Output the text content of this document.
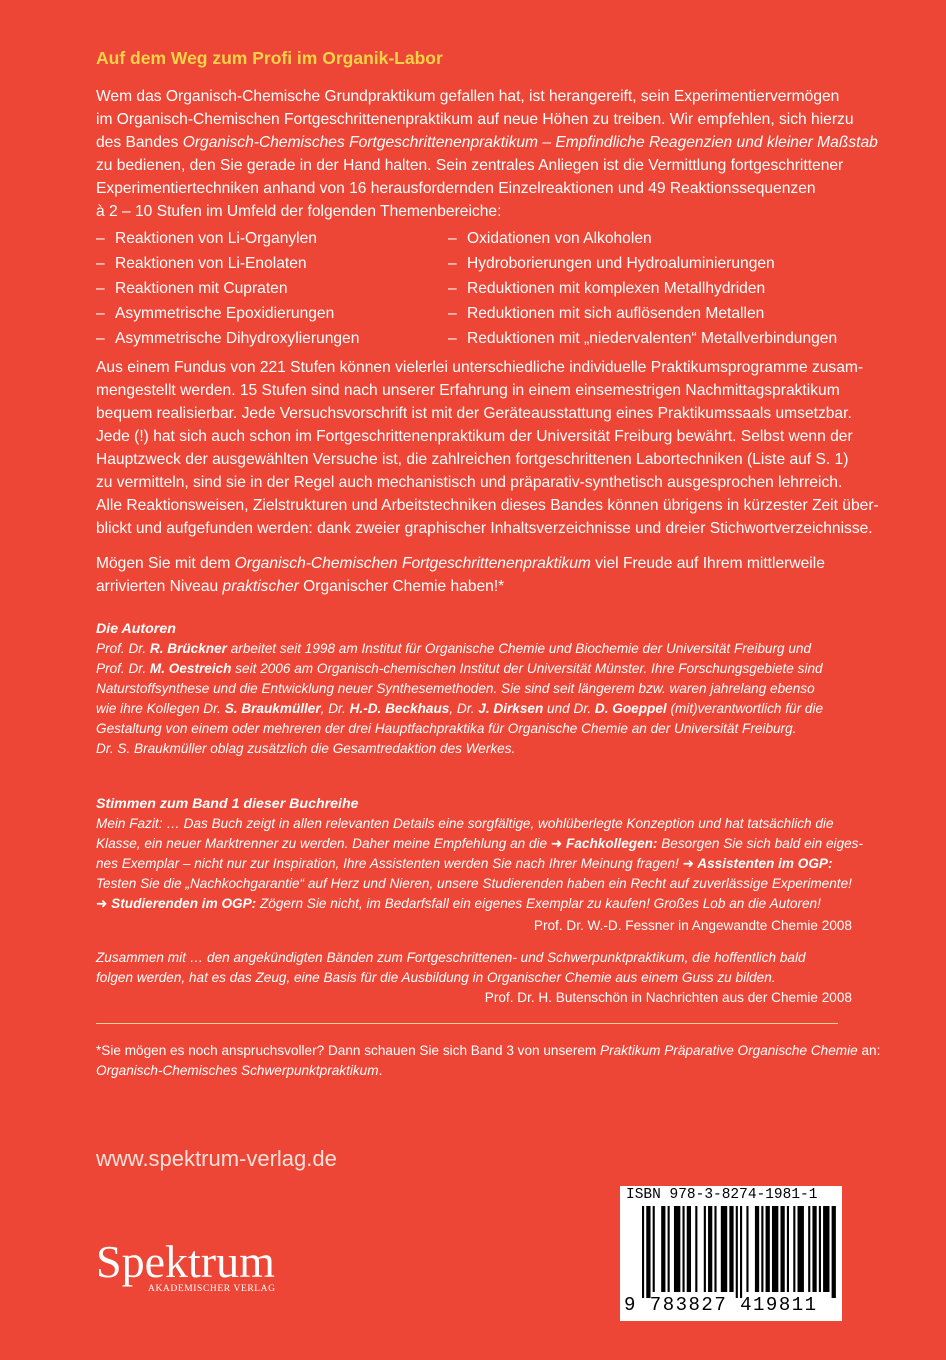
Auf dem Weg zum Profi im Organik-Labor
Wem das Organisch-Chemische Grundpraktikum gefallen hat, ist herangereift, sein Experimentiervermögen
im Organisch-Chemischen Fortgeschrittenenpraktikum auf neue Höhen zu treiben. Wir empfehlen, sich hierzu
des Bandes Organisch-Chemisches Fortgeschrittenenpraktikum – Empfindliche Reagenzien und kleiner Maßstab
zu bedienen, den Sie gerade in der Hand halten. Sein zentrales Anliegen ist die Vermittlung fortgeschrittener
Experimentiertechniken anhand von 16 herausfordernden Einzelreaktionen und 49 Reaktionssequenzen
à 2 – 10 Stufen im Umfeld der folgenden Themenbereiche:
– Reaktionen von Li-Organylen
– Reaktionen von Li-Enolaten
– Reaktionen mit Cupraten
– Asymmetrische Epoxidierungen
– Asymmetrische Dihydroxylierungen
– Oxidationen von Alkoholen
– Hydroborierungen und Hydroaluminierungen
– Reduktionen mit komplexen Metallhydriden
– Reduktionen mit sich auflösenden Metallen
– Reduktionen mit „niedervalenten“ Metallverbindungen
Aus einem Fundus von 221 Stufen können vielerlei unterschiedliche individuelle Praktikumsprogramme zusam-
mengestellt werden. 15 Stufen sind nach unserer Erfahrung in einem einsemestrigen Nachmittagspraktikum
bequem realisierbar. Jede Versuchsvorschrift ist mit der Geräteausstattung eines Praktikumssaals umsetzbar.
Jede (!) hat sich auch schon im Fortgeschrittenenpraktikum der Universität Freiburg bewährt. Selbst wenn der
Hauptzweck der ausgewählten Versuche ist, die zahlreichen fortgeschrittenen Labortechniken (Liste auf S. 1)
zu vermitteln, sind sie in der Regel auch mechanistisch und präparativ-synthetisch ausgesprochen lehrreich.
Alle Reaktionsweisen, Zielstrukturen und Arbeitstechniken dieses Bandes können übrigens in kürzester Zeit über-
blickt und aufgefunden werden: dank zweier graphischer Inhaltsverzeichnisse und dreier Stichwortverzeichnisse.
Mögen Sie mit dem Organisch-Chemischen Fortgeschrittenenpraktikum viel Freude auf Ihrem mittlerweile
arrivierten Niveau praktischer Organischer Chemie haben!*
Die Autoren
Prof. Dr. R. Brückner arbeitet seit 1998 am Institut für Organische Chemie und Biochemie der Universität Freiburg und
Prof. Dr. M. Oestreich seit 2006 am Organisch-chemischen Institut der Universität Münster. Ihre Forschungsgebiete sind
Naturstoffsynthese und die Entwicklung neuer Synthesemethoden. Sie sind seit längerem bzw. waren jahrelang ebenso
wie ihre Kollegen Dr. S. Braukmüller, Dr. H.-D. Beckhaus, Dr. J. Dirksen und Dr. D. Goeppel (mit)verantwortlich für die
Gestaltung von einem oder mehreren der drei Hauptfachpraktika für Organische Chemie an der Universität Freiburg.
Dr. S. Braukmüller oblag zusätzlich die Gesamtredaktion des Werkes.
Stimmen zum Band 1 dieser Buchreihe
Mein Fazit: … Das Buch zeigt in allen relevanten Details eine sorgfältige, wohlüberlegte Konzeption und hat tatsächlich die
Klasse, ein neuer Marktrenner zu werden. Daher meine Empfehlung an die ➜ Fachkollegen: Besorgen Sie sich bald ein eiges-
nes Exemplar – nicht nur zur Inspiration, Ihre Assistenten werden Sie nach Ihrer Meinung fragen! ➜ Assistenten im OGP:
Testen Sie die „Nachkochgarantie“ auf Herz und Nieren, unsere Studierenden haben ein Recht auf zuverlässige Experimente!
➜ Studierenden im OGP: Zögern Sie nicht, im Bedarfsfall ein eigenes Exemplar zu kaufen! Großes Lob an die Autoren!
Prof. Dr. W.-D. Fessner in Angewandte Chemie 2008
Zusammen mit … den angekündigten Bänden zum Fortgeschrittenen- und Schwerpunktpraktikum, die hoffentlich bald
folgen werden, hat es das Zeug, eine Basis für die Ausbildung in Organischer Chemie aus einem Guss zu bilden.
Prof. Dr. H. Butenschön in Nachrichten aus der Chemie 2008
*Sie mögen es noch anspruchsvoller? Dann schauen Sie sich Band 3 von unserem Praktikum Präparative Organische Chemie an:
Organisch-Chemisches Schwerpunktpraktikum.
www.spektrum-verlag.de
Spektrum
AKADEMISCHER VERLAG
ISBN 978-3-8274-1981-1
9 783827 419811
